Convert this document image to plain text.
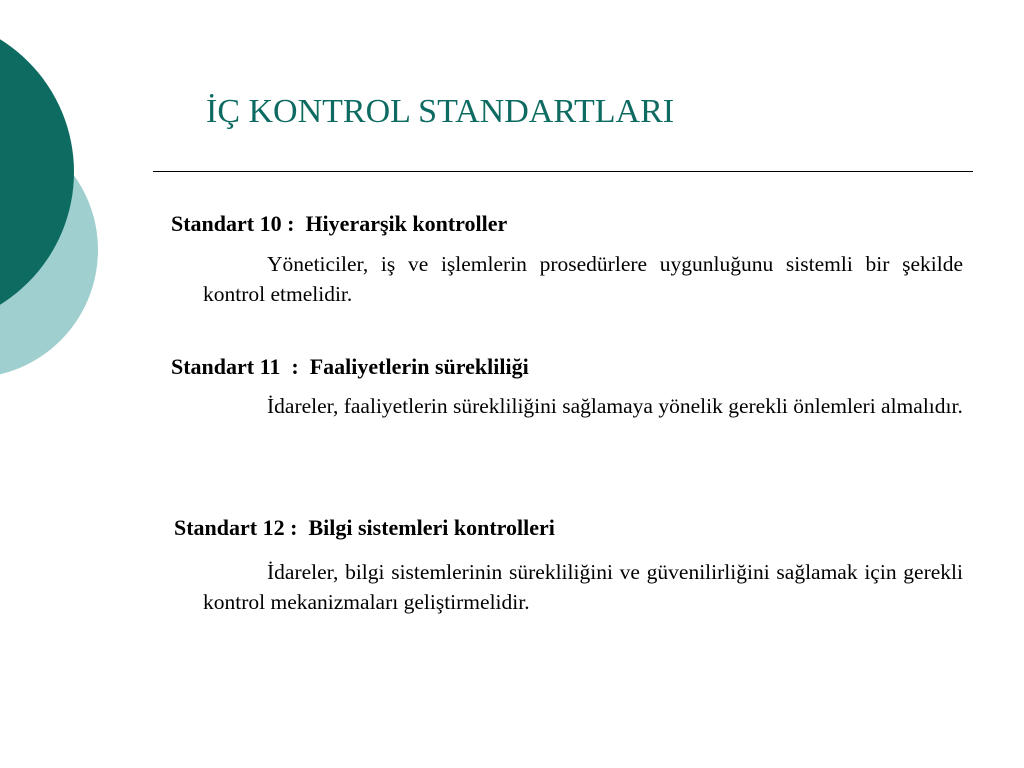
İÇ KONTROL STANDARTLARI

Standart 10 :  Hiyerarşik kontroller

Yöneticiler, iş ve işlemlerin prosedürlere uygunluğunu sistemli bir şekilde kontrol etmelidir.

Standart 11  :  Faaliyetlerin sürekliliği

İdareler, faaliyetlerin sürekliliğini sağlamaya yönelik gerekli önlemleri almalıdır.

Standart 12 :  Bilgi sistemleri kontrolleri

İdareler, bilgi sistemlerinin sürekliliğini ve güvenilirliğini sağlamak için gerekli kontrol mekanizmaları geliştirmelidir.
